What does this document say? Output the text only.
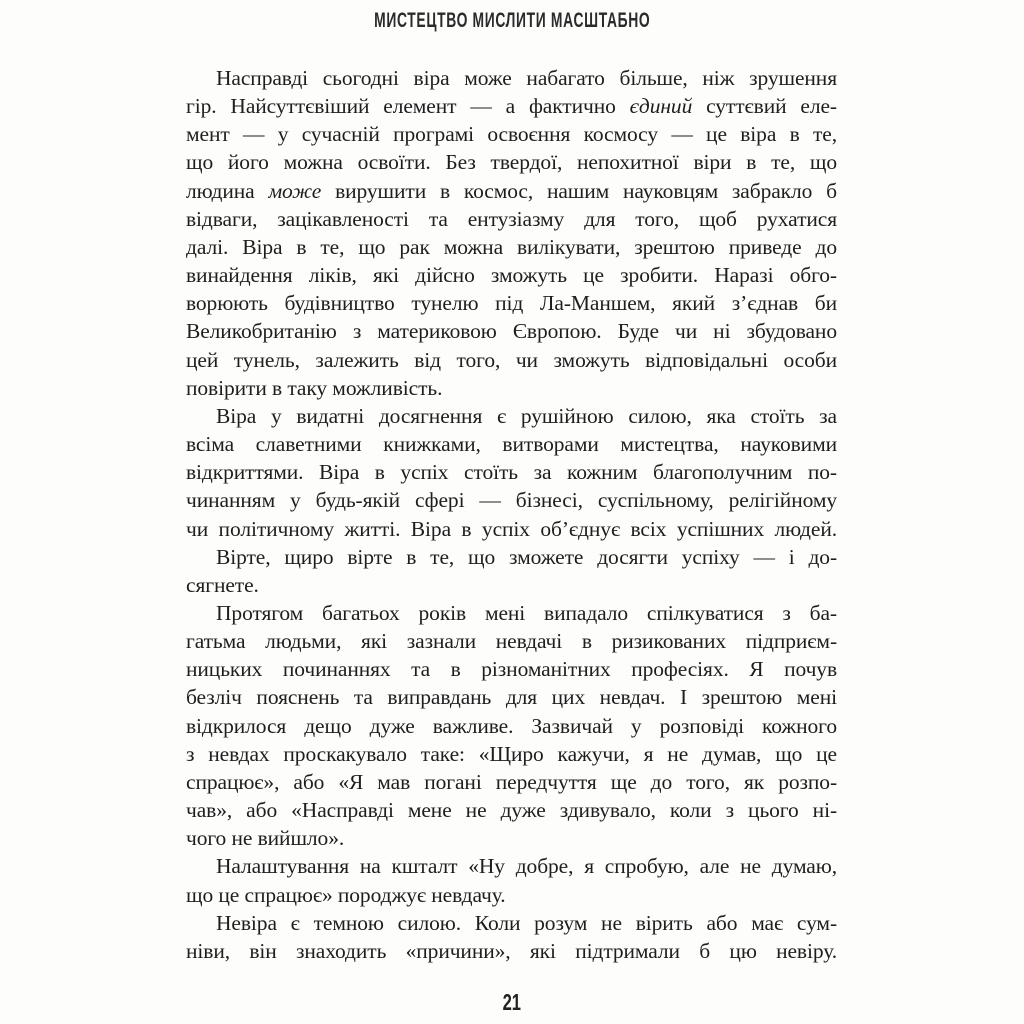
МИСТЕЦТВО МИСЛИТИ МАСШТАБНО
Насправді сьогодні віра може набагато більше, ніж зрушення
гір. Найсуттєвіший елемент — а фактично єдиний суттєвий еле-
мент — у сучасній програмі освоєння космосу — це віра в те,
що його можна освоїти. Без твердої, непохитної віри в те, що
людина може вирушити в космос, нашим науковцям забракло б
відваги, зацікавленості та ентузіазму для того, щоб рухатися
далі. Віра в те, що рак можна вилікувати, зрештою приведе до
винайдення ліків, які дійсно зможуть це зробити. Наразі обго-
ворюють будівництво тунелю під Ла-Маншем, який з’єднав би
Великобританію з материковою Європою. Буде чи ні збудовано
цей тунель, залежить від того, чи зможуть відповідальні особи
повірити в таку можливість.
Віра у видатні досягнення є рушійною силою, яка стоїть за
всіма славетними книжками, витворами мистецтва, науковими
відкриттями. Віра в успіх стоїть за кожним благополучним по-
чинанням у будь-якій сфері — бізнесі, суспільному, релігійному
чи політичному житті. Віра в успіх об’єднує всіх успішних людей.
Вірте, щиро вірте в те, що зможете досягти успіху — і до-
сягнете.
Протягом багатьох років мені випадало спілкуватися з ба-
гатьма людьми, які зазнали невдачі в ризикованих підприєм-
ницьких починаннях та в різноманітних професіях. Я почув
безліч пояснень та виправдань для цих невдач. І зрештою мені
відкрилося дещо дуже важливе. Зазвичай у розповіді кожного
з невдах проскакувало таке: «Щиро кажучи, я не думав, що це
спрацює», або «Я мав погані передчуття ще до того, як розпо-
чав», або «Насправді мене не дуже здивувало, коли з цього ні-
чого не вийшло».
Налаштування на кшталт «Ну добре, я спробую, але не думаю,
що це спрацює» породжує невдачу.
Невіра є темною силою. Коли розум не вірить або має сум-
ніви, він знаходить «причини», які підтримали б цю невіру.
21
